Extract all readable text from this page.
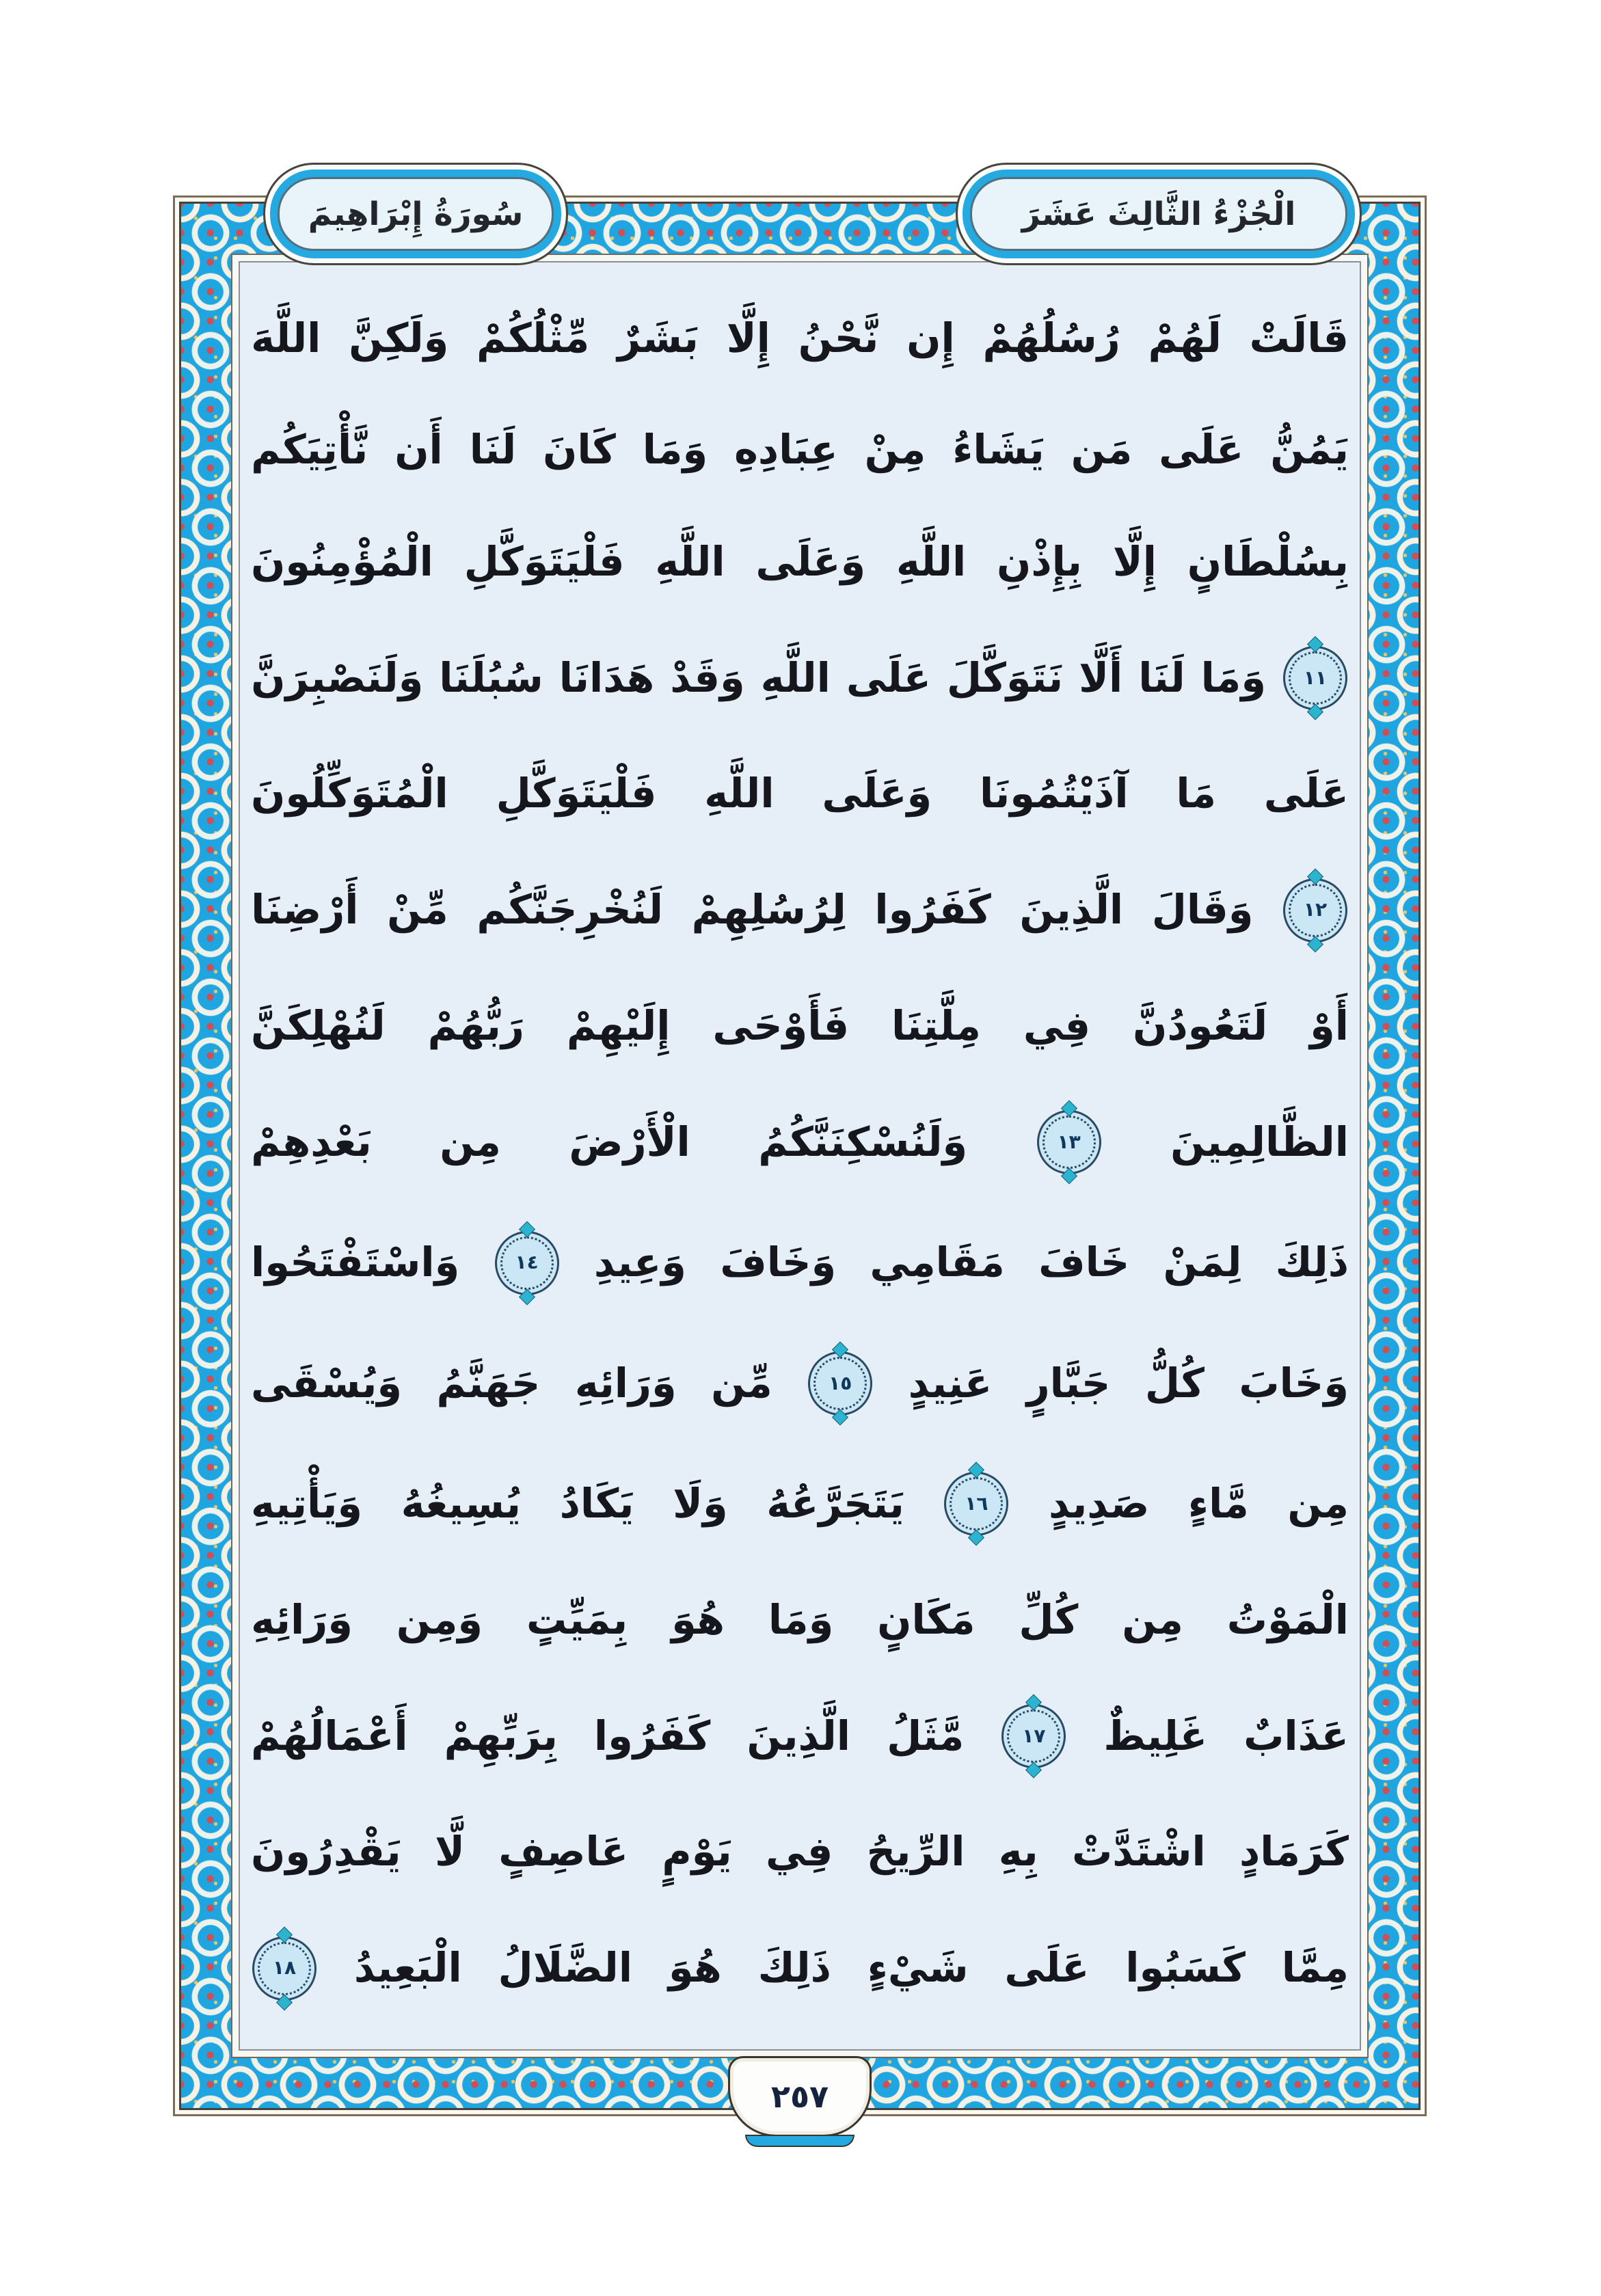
قَالَتْ
لَهُمْ
رُسُلُهُمْ
إِن
نَّحْنُ
إِلَّا
بَشَرٌ
مِّثْلُكُمْ
وَلَكِنَّ
اللَّهَ
يَمُنُّ
عَلَى
مَن
يَشَاءُ
مِنْ
عِبَادِهِ
وَمَا
كَانَ
لَنَا
أَن
نَّأْتِيَكُم
بِسُلْطَانٍ
إِلَّا
بِإِذْنِ
اللَّهِ
وَعَلَى
اللَّهِ
فَلْيَتَوَكَّلِ
الْمُؤْمِنُونَ
١١
وَمَا
لَنَا
أَلَّا
نَتَوَكَّلَ
عَلَى
اللَّهِ
وَقَدْ
هَدَانَا
سُبُلَنَا
وَلَنَصْبِرَنَّ
عَلَى
مَا
آذَيْتُمُونَا
وَعَلَى
اللَّهِ
فَلْيَتَوَكَّلِ
الْمُتَوَكِّلُونَ
١٢
وَقَالَ
الَّذِينَ
كَفَرُوا
لِرُسُلِهِمْ
لَنُخْرِجَنَّكُم
مِّنْ
أَرْضِنَا
أَوْ
لَتَعُودُنَّ
فِي
مِلَّتِنَا
فَأَوْحَى
إِلَيْهِمْ
رَبُّهُمْ
لَنُهْلِكَنَّ
الظَّالِمِينَ
١٣
وَلَنُسْكِنَنَّكُمُ
الْأَرْضَ
مِن
بَعْدِهِمْ
ذَلِكَ
لِمَنْ
خَافَ
مَقَامِي
وَخَافَ
وَعِيدِ
١٤
وَاسْتَفْتَحُوا
وَخَابَ
كُلُّ
جَبَّارٍ
عَنِيدٍ
١٥
مِّن
وَرَائِهِ
جَهَنَّمُ
وَيُسْقَى
مِن
مَّاءٍ
صَدِيدٍ
١٦
يَتَجَرَّعُهُ
وَلَا
يَكَادُ
يُسِيغُهُ
وَيَأْتِيهِ
الْمَوْتُ
مِن
كُلِّ
مَكَانٍ
وَمَا
هُوَ
بِمَيِّتٍ
وَمِن
وَرَائِهِ
عَذَابٌ
غَلِيظٌ
١٧
مَّثَلُ
الَّذِينَ
كَفَرُوا
بِرَبِّهِمْ
أَعْمَالُهُمْ
كَرَمَادٍ
اشْتَدَّتْ
بِهِ
الرِّيحُ
فِي
يَوْمٍ
عَاصِفٍ
لَّا
يَقْدِرُونَ
مِمَّا
كَسَبُوا
عَلَى
شَيْءٍ
ذَلِكَ
هُوَ
الضَّلَالُ
الْبَعِيدُ
١٨
سُورَةُ إِبْرَاهِيمَ	الْجُزْءُ الثَّالِثَ عَشَرَ
٢٥٧
